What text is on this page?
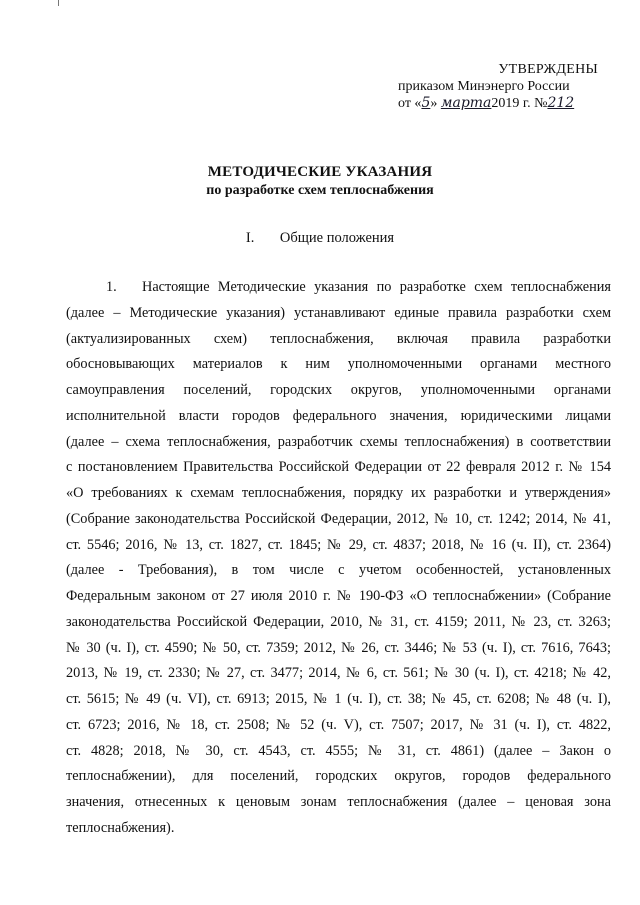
УТВЕРЖДЕНЫ
приказом Минэнерго России
от «5» марта2019 г. №212
МЕТОДИЧЕСКИЕ УКАЗАНИЯ
по разработке схем теплоснабжения
I. Общие положения
1. Настоящие Методические указания по разработке схем теплоснабжения
(далее – Методические указания) устанавливают единые правила разработки схем
(актуализированных схем) теплоснабжения, включая правила разработки
обосновывающих материалов к ним уполномоченными органами местного
самоуправления поселений, городских округов, уполномоченными органами
исполнительной власти городов федерального значения, юридическими лицами
(далее – схема теплоснабжения, разработчик схемы теплоснабжения) в соответствии
с постановлением Правительства Российской Федерации от 22 февраля 2012 г. № 154
«О требованиях к схемам теплоснабжения, порядку их разработки и утверждения»
(Собрание законодательства Российской Федерации, 2012, № 10, ст. 1242; 2014, № 41,
ст. 5546; 2016, № 13, ст. 1827, ст. 1845; № 29, ст. 4837; 2018, № 16 (ч. II), ст. 2364)
(далее - Требования), в том числе с учетом особенностей, установленных
Федеральным законом от 27 июля 2010 г. № 190-ФЗ «О теплоснабжении» (Собрание
законодательства Российской Федерации, 2010, № 31, ст. 4159; 2011, № 23, ст. 3263;
№ 30 (ч. I), ст. 4590; № 50, ст. 7359; 2012, № 26, ст. 3446; № 53 (ч. I), ст. 7616, 7643;
2013, № 19, ст. 2330; № 27, ст. 3477; 2014, № 6, ст. 561; № 30 (ч. I), ст. 4218; № 42,
ст. 5615; № 49 (ч. VI), ст. 6913; 2015, № 1 (ч. I), ст. 38; № 45, ст. 6208; № 48 (ч. I),
ст. 6723; 2016, № 18, ст. 2508; № 52 (ч. V), ст. 7507; 2017, № 31 (ч. I), ст. 4822,
ст. 4828; 2018, № 30, ст. 4543, ст. 4555; № 31, ст. 4861) (далее – Закон о
теплоснабжении), для поселений, городских округов, городов федерального
значения, отнесенных к ценовым зонам теплоснабжения (далее – ценовая зона
теплоснабжения).
